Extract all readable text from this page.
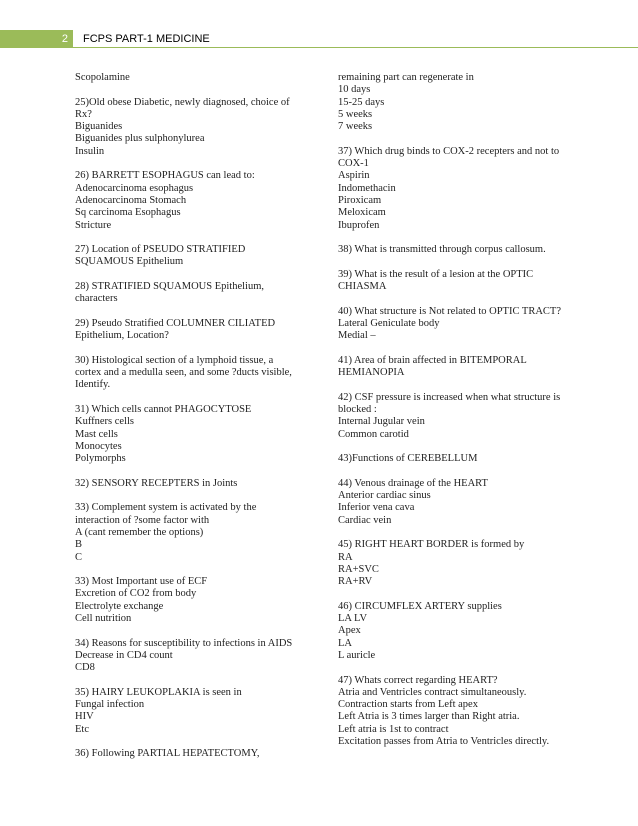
2 FCPS PART-1 MEDICINE

Scopolamine

25)Old obese Diabetic, newly diagnosed, choice of

Rx?

Biguanides

Biguanides plus sulphonylurea

Insulin

26) BARRETT ESOPHAGUS can lead to:

Adenocarcinoma esophagus

Adenocarcinoma Stomach

Sq carcinoma Esophagus

Stricture

27) Location of PSEUDO STRATIFIED

SQUAMOUS Epithelium

28) STRATIFIED SQUAMOUS Epithelium,

characters

29) Pseudo Stratified COLUMNER CILIATED

Epithelium, Location?

30) Histological section of a lymphoid tissue, a

cortex and a medulla seen, and some ?ducts visible,

Identify.

31) Which cells cannot PHAGOCYTOSE

Kuffners cells

Mast cells

Monocytes

Polymorphs

32) SENSORY RECEPTERS in Joints

33) Complement system is activated by the

interaction of ?some factor with

A (cant remember the options)

B

C

33) Most Important use of ECF

Excretion of CO2 from body

Electrolyte exchange

Cell nutrition

34) Reasons for susceptibility to infections in AIDS

Decrease in CD4 count

CD8

35) HAIRY LEUKOPLAKIA is seen in

Fungal infection

HIV

Etc

36) Following PARTIAL HEPATECTOMY,

remaining part can regenerate in

10 days

15-25 days

5 weeks

7 weeks

37) Which drug binds to COX-2 recepters and not to

COX-1

Aspirin

Indomethacin

Piroxicam

Meloxicam

Ibuprofen

38) What is transmitted through corpus callosum.

39) What is the result of a lesion at the OPTIC

CHIASMA

40) What structure is Not related to OPTIC TRACT?

Lateral Geniculate body

Medial –

41) Area of brain affected in BITEMPORAL

HEMIANOPIA

42) CSF pressure is increased when what structure is

blocked :

Internal Jugular vein

Common carotid

43)Functions of CEREBELLUM

44) Venous drainage of the HEART

Anterior cardiac sinus

Inferior vena cava

Cardiac vein

45) RIGHT HEART BORDER is formed by

RA

RA+SVC

RA+RV

46) CIRCUMFLEX ARTERY supplies

LA LV

Apex

LA

L auricle

47) Whats correct regarding HEART?

Atria and Ventricles contract simultaneously.

Contraction starts from Left apex

Left Atria is 3 times larger than Right atria.

Left atria is 1st to contract

Excitation passes from Atria to Ventricles directly.
